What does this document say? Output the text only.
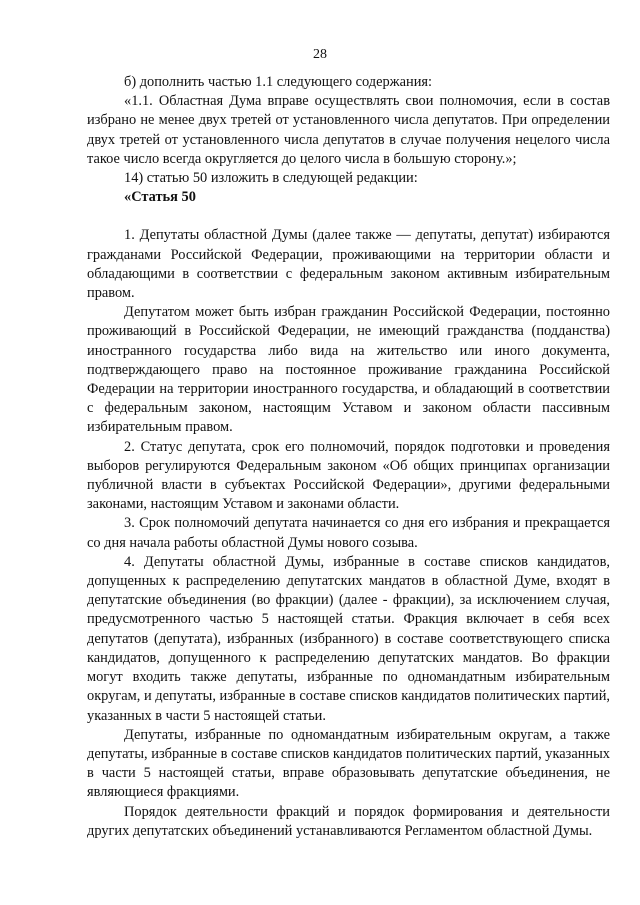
28

б) дополнить частью 1.1 следующего содержания:

«1.1. Областная Дума вправе осуществлять свои полномочия, если в состав избрано не менее двух третей от установленного числа депутатов. При определении двух третей от установленного числа депутатов в случае получения нецелого числа такое число всегда округляется до целого числа в большую сторону.»;

14) статью 50 изложить в следующей редакции:

«Статья 50

1. Депутаты областной Думы (далее также — депутаты, депутат) избираются гражданами Российской Федерации, проживающими на территории области и обладающими в соответствии с федеральным законом активным избирательным правом.

Депутатом может быть избран гражданин Российской Федерации, постоянно проживающий в Российской Федерации, не имеющий гражданства (подданства) иностранного государства либо вида на жительство или иного документа, подтверждающего право на постоянное проживание гражданина Российской Федерации на территории иностранного государства, и обладающий в соответствии с федеральным законом, настоящим Уставом и законом области пассивным избирательным правом.

2. Статус депутата, срок его полномочий, порядок подготовки и проведения выборов регулируются Федеральным законом «Об общих принципах организации публичной власти в субъектах Российской Федерации», другими федеральными законами, настоящим Уставом и законами области.

3. Срок полномочий депутата начинается со дня его избрания и прекращается со дня начала работы областной Думы нового созыва.

4. Депутаты областной Думы, избранные в составе списков кандидатов, допущенных к распределению депутатских мандатов в областной Думе, входят в депутатские объединения (во фракции) (далее - фракции), за исключением случая, предусмотренного частью 5 настоящей статьи. Фракция включает в себя всех депутатов (депутата), избранных (избранного) в составе соответствующего списка кандидатов, допущенного к распределению депутатских мандатов. Во фракции могут входить также депутаты, избранные по одномандатным избирательным округам, и депутаты, избранные в составе списков кандидатов политических партий, указанных в части 5 настоящей статьи.

Депутаты, избранные по одномандатным избирательным округам, а также депутаты, избранные в составе списков кандидатов политических партий, указанных в части 5 настоящей статьи, вправе образовывать депутатские объединения, не являющиеся фракциями.

Порядок деятельности фракций и порядок формирования и деятельности других депутатских объединений устанавливаются Регламентом областной Думы.
